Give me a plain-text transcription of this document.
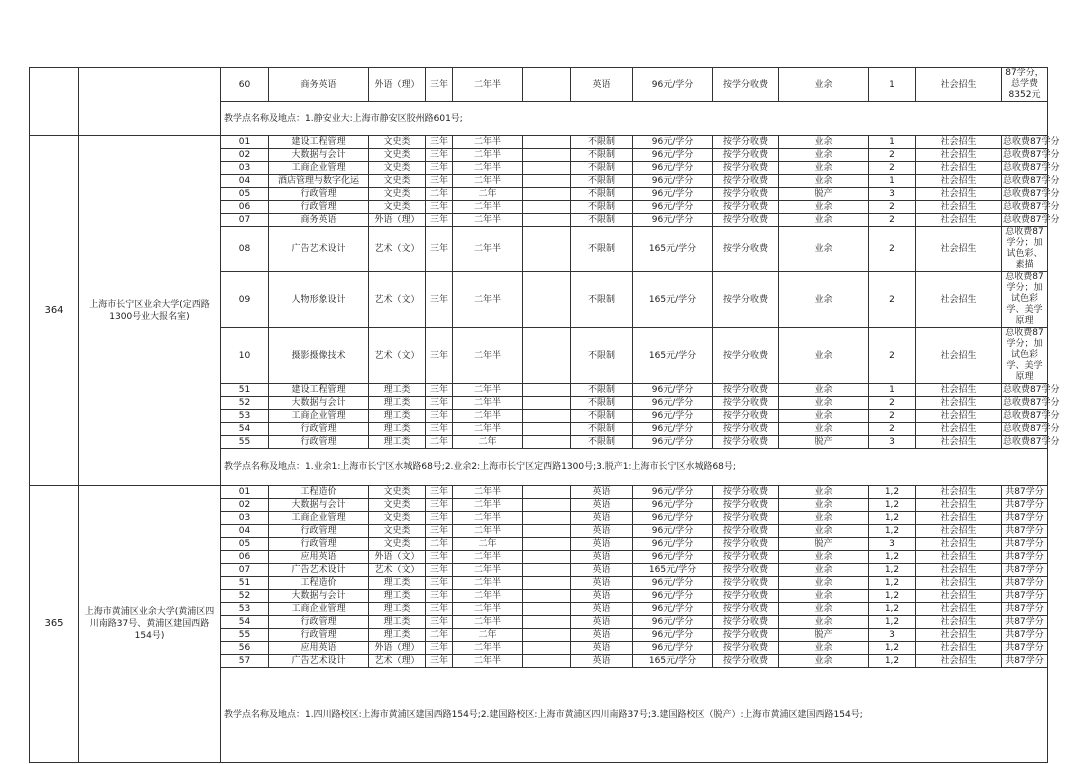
		60	商务英语	外语（理）	三年	二年半		英语	96元/学分	按学分收费	业余	1	社会招生	87学分，总学费8352元
		教学点名称及地点：1.静安业大:上海市静安区胶州路601号;												
364	上海市长宁区业余大学(定西路1300号业大报名室)	01	建设工程管理	文史类	三年	二年半		不限制	96元/学分	按学分收费	业余	1	社会招生	总收费87学分
		02	大数据与会计	文史类	三年	二年半		不限制	96元/学分	按学分收费	业余	2	社会招生	总收费87学分
		03	工商企业管理	文史类	三年	二年半		不限制	96元/学分	按学分收费	业余	2	社会招生	总收费87学分
		04	酒店管理与数字化运	文史类	三年	二年半		不限制	96元/学分	按学分收费	业余	1	社会招生	总收费87学分
		05	行政管理	文史类	二年	二年		不限制	96元/学分	按学分收费	脱产	3	社会招生	总收费87学分
		06	行政管理	文史类	三年	二年半		不限制	96元/学分	按学分收费	业余	2	社会招生	总收费87学分
		07	商务英语	外语（理）	三年	二年半		不限制	96元/学分	按学分收费	业余	2	社会招生	总收费87学分
		08	广告艺术设计	艺术（文）	三年	二年半		不限制	165元/学分	按学分收费	业余	2	社会招生	总收费87学分；加试色彩、素描
		09	人物形象设计	艺术（文）	三年	二年半		不限制	165元/学分	按学分收费	业余	2	社会招生	总收费87学分；加试色彩学、美学原理
		10	摄影摄像技术	艺术（文）	三年	二年半		不限制	165元/学分	按学分收费	业余	2	社会招生	总收费87学分；加试色彩学、美学原理
		51	建设工程管理	理工类	三年	二年半		不限制	96元/学分	按学分收费	业余	1	社会招生	总收费87学分
		52	大数据与会计	理工类	三年	二年半		不限制	96元/学分	按学分收费	业余	2	社会招生	总收费87学分
		53	工商企业管理	理工类	三年	二年半		不限制	96元/学分	按学分收费	业余	2	社会招生	总收费87学分
		54	行政管理	理工类	三年	二年半		不限制	96元/学分	按学分收费	业余	2	社会招生	总收费87学分
		55	行政管理	理工类	二年	二年		不限制	96元/学分	按学分收费	脱产	3	社会招生	总收费87学分
		教学点名称及地点：1.业余1:上海市长宁区水城路68号;2.业余2:上海市长宁区定西路1300号;3.脱产1:上海市长宁区水城路68号;												
365	上海市黄浦区业余大学(黄浦区四川南路37号、黄浦区建国西路154号)	01	工程造价	文史类	三年	二年半		英语	96元/学分	按学分收费	业余	1,2	社会招生	共87学分
		02	大数据与会计	文史类	三年	二年半		英语	96元/学分	按学分收费	业余	1,2	社会招生	共87学分
		03	工商企业管理	文史类	三年	二年半		英语	96元/学分	按学分收费	业余	1,2	社会招生	共87学分
		04	行政管理	文史类	三年	二年半		英语	96元/学分	按学分收费	业余	1,2	社会招生	共87学分
		05	行政管理	文史类	二年	二年		英语	96元/学分	按学分收费	脱产	3	社会招生	共87学分
		06	应用英语	外语（文）	三年	二年半		英语	96元/学分	按学分收费	业余	1,2	社会招生	共87学分
		07	广告艺术设计	艺术（文）	三年	二年半		英语	165元/学分	按学分收费	业余	1,2	社会招生	共87学分
		51	工程造价	理工类	三年	二年半		英语	96元/学分	按学分收费	业余	1,2	社会招生	共87学分
		52	大数据与会计	理工类	三年	二年半		英语	96元/学分	按学分收费	业余	1,2	社会招生	共87学分
		53	工商企业管理	理工类	三年	二年半		英语	96元/学分	按学分收费	业余	1,2	社会招生	共87学分
		54	行政管理	理工类	三年	二年半		英语	96元/学分	按学分收费	业余	1,2	社会招生	共87学分
		55	行政管理	理工类	二年	二年		英语	96元/学分	按学分收费	脱产	3	社会招生	共87学分
		56	应用英语	外语（理）	三年	二年半		英语	96元/学分	按学分收费	业余	1,2	社会招生	共87学分
		57	广告艺术设计	艺术（理）	三年	二年半		英语	165元/学分	按学分收费	业余	1,2	社会招生	共87学分
		教学点名称及地点：1.四川路校区:上海市黄浦区建国西路154号;2.建国路校区:上海市黄浦区四川南路37号;3.建国路校区（脱产）:上海市黄浦区建国西路154号;												
